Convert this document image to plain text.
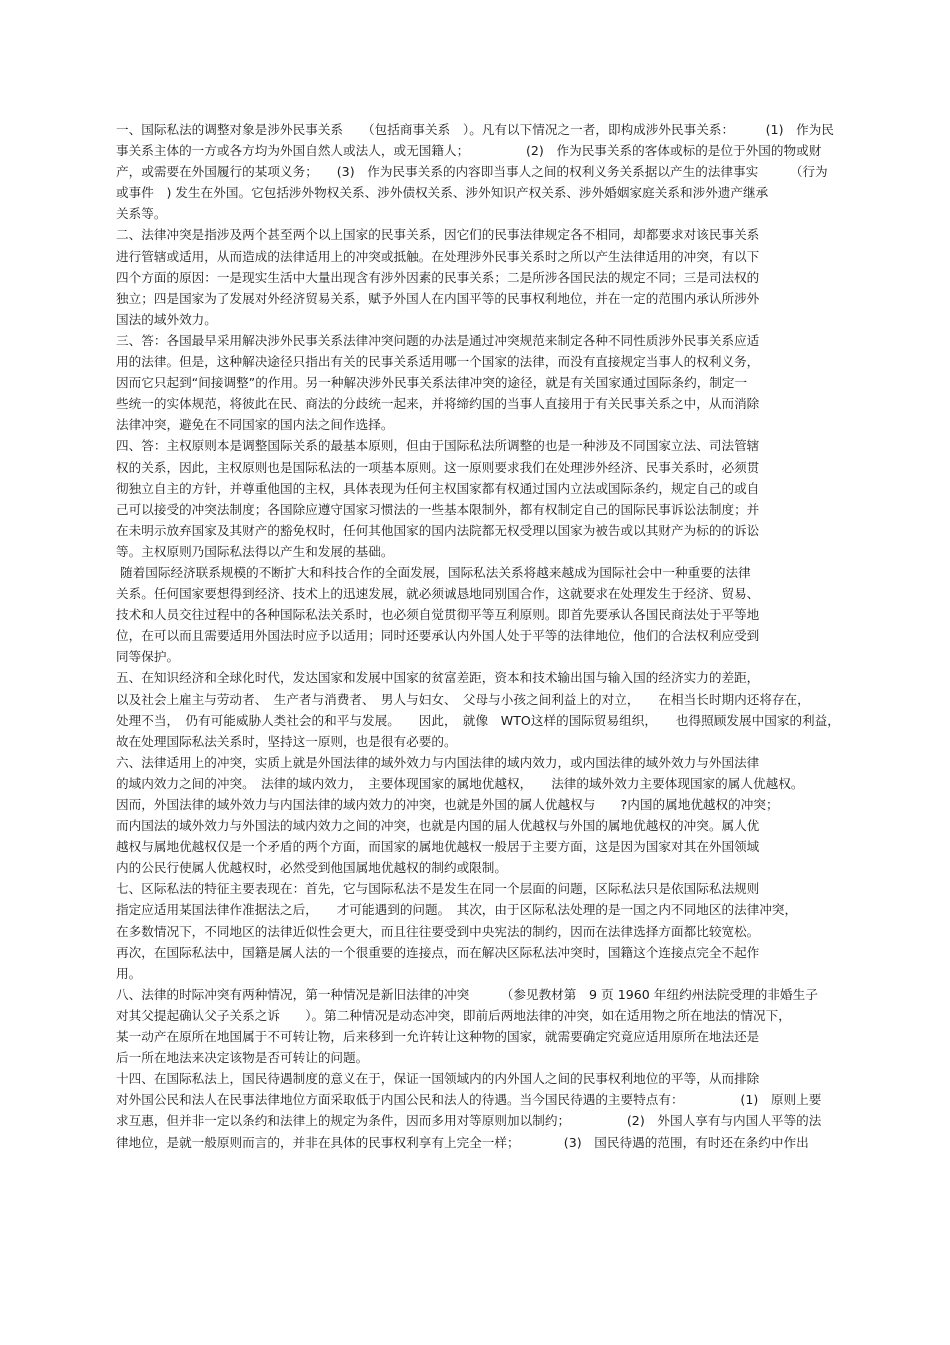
一、国际私法的调整对象是涉外民事关系　　（包括商事关系　）。凡有以下情况之一者，即构成涉外民事关系：　　　(1)　作为民
事关系主体的一方或各方均为外国自然人或法人，或无国籍人；　　　　　(2)　作为民事关系的客体或标的是位于外国的物或财
产，或需要在外国履行的某项义务；　　(3)　作为民事关系的内容即当事人之间的权利义务关系据以产生的法律事实　　　（行为
或事件　) 发生在外国。它包括涉外物权关系、涉外债权关系、涉外知识产权关系、涉外婚姻家庭关系和涉外遗产继承
关系等。
二、法律冲突是指涉及两个甚至两个以上国家的民事关系，因它们的民事法律规定各不相同，却都要求对该民事关系
进行管辖或适用，从而造成的法律适用上的冲突或抵触。在处理涉外民事关系时之所以产生法律适用的冲突，有以下
四个方面的原因：一是现实生活中大量出现含有涉外因素的民事关系；二是所涉各国民法的规定不同；三是司法权的
独立；四是国家为了发展对外经济贸易关系，赋予外国人在内国平等的民事权利地位，并在一定的范围内承认所涉外
国法的域外效力。
三、答：各国最早采用解决涉外民事关系法律冲突问题的办法是通过冲突规范来制定各种不同性质涉外民事关系应适
用的法律。但是，这种解决途径只指出有关的民事关系适用哪一个国家的法律，而没有直接规定当事人的权利义务，
因而它只起到“间接调整”的作用。另一种解决涉外民事关系法律冲突的途径，就是有关国家通过国际条约，制定一
些统一的实体规范，将彼此在民、商法的分歧统一起来，并将缔约国的当事人直接用于有关民事关系之中，从而消除
法律冲突，避免在不同国家的国内法之间作选择。
四、答：主权原则本是调整国际关系的最基本原则，但由于国际私法所调整的也是一种涉及不同国家立法、司法管辖
权的关系，因此，主权原则也是国际私法的一项基本原则。这一原则要求我们在处理涉外经济、民事关系时，必须贯
彻独立自主的方针，并尊重他国的主权，具体表现为任何主权国家都有权通过国内立法或国际条约，规定自己的或自
己可以接受的冲突法制度；各国除应遵守国家习惯法的一些基本限制外，都有权制定自己的国际民事诉讼法制度；并
在未明示放弃国家及其财产的豁免权时，任何其他国家的国内法院都无权受理以国家为被告或以其财产为标的的诉讼
等。主权原则乃国际私法得以产生和发展的基础。
随着国际经济联系规模的不断扩大和科技合作的全面发展，国际私法关系将越来越成为国际社会中一种重要的法律
关系。任何国家要想得到经济、技术上的迅速发展，就必须诚恳地同别国合作，这就要求在处理发生于经济、贸易、
技术和人员交往过程中的各种国际私法关系时，也必须自觉贯彻平等互利原则。即首先要承认各国民商法处于平等地
位，在可以而且需要适用外国法时应予以适用；同时还要承认内外国人处于平等的法律地位，他们的合法权利应受到
同等保护。
五、在知识经济和全球化时代，发达国家和发展中国家的贫富差距，资本和技术输出国与输入国的经济实力的差距，
以及社会上雇主与劳动者、　生产者与消费者、　男人与妇女、　父母与小孩之间利益上的对立，　　在相当长时期内还将存在，
处理不当，　仍有可能威胁人类社会的和平与发展。　　因此，　就像　WTO这样的国际贸易组织，　　也得照顾发展中国家的利益，
故在处理国际私法关系时，坚持这一原则，也是很有必要的。
六、法律适用上的冲突，实质上就是外国法律的域外效力与内国法律的域内效力，或内国法律的域外效力与外国法律
的域内效力之间的冲突。　法律的域内效力，　主要体现国家的属地优越权，　　法律的域外效力主要体现国家的属人优越权。
因而，外国法律的域外效力与内国法律的域内效力的冲突，也就是外国的属人优越权与　　?内国的属地优越权的冲突；
而内国法的域外效力与外国法的域内效力之间的冲突，也就是内国的届人优越权与外国的属地优越权的冲突。属人优
越权与属地优越权仅是一个矛盾的两个方面，而国家的属地优越权一般居于主要方面，这是因为国家对其在外国领域
内的公民行使属人优越权时，必然受到他国属地优越权的制约或限制。
七、区际私法的特征主要表现在：首先，它与国际私法不是发生在同一个层面的问题，区际私法只是依国际私法规则
指定应适用某国法律作准据法之后，　　才可能遇到的问题。　其次，由于区际私法处理的是一国之内不同地区的法律冲突，
在多数情况下，不同地区的法律近似性会更大，而且往往要受到中央宪法的制约，因而在法律选择方面都比较宽松。
再次，在国际私法中，国籍是属人法的一个很重要的连接点，而在解决区际私法冲突时，国籍这个连接点完全不起作
用。
八、法律的时际冲突有两种情况，第一种情况是新旧法律的冲突　　　（参见教材第　9 页 1960 年纽约州法院受理的非婚生子
对其父提起确认父子关系之诉　　）。第二种情况是动态冲突，即前后两地法律的冲突，如在适用物之所在地法的情况下，
某一动产在原所在地国属于不可转让物，后来移到一允许转让这种物的国家，就需要确定究竟应适用原所在地法还是
后一所在地法来决定该物是否可转让的问题。
十四、在国际私法上，国民待遇制度的意义在于，保证一国领域内的内外国人之间的民事权利地位的平等，从而排除
对外国公民和法人在民事法律地位方面采取低于内国公民和法人的待遇。当今国民待遇的主要特点有：　　　　　(1)　原则上要
求互惠，但并非一定以条约和法律上的规定为条件，因而多用对等原则加以制约；　　　　　(2)　外国人享有与内国人平等的法
律地位，是就一般原则而言的，并非在具体的民事权利享有上完全一样；　　　　(3)　国民待遇的范围，有时还在条约中作出
